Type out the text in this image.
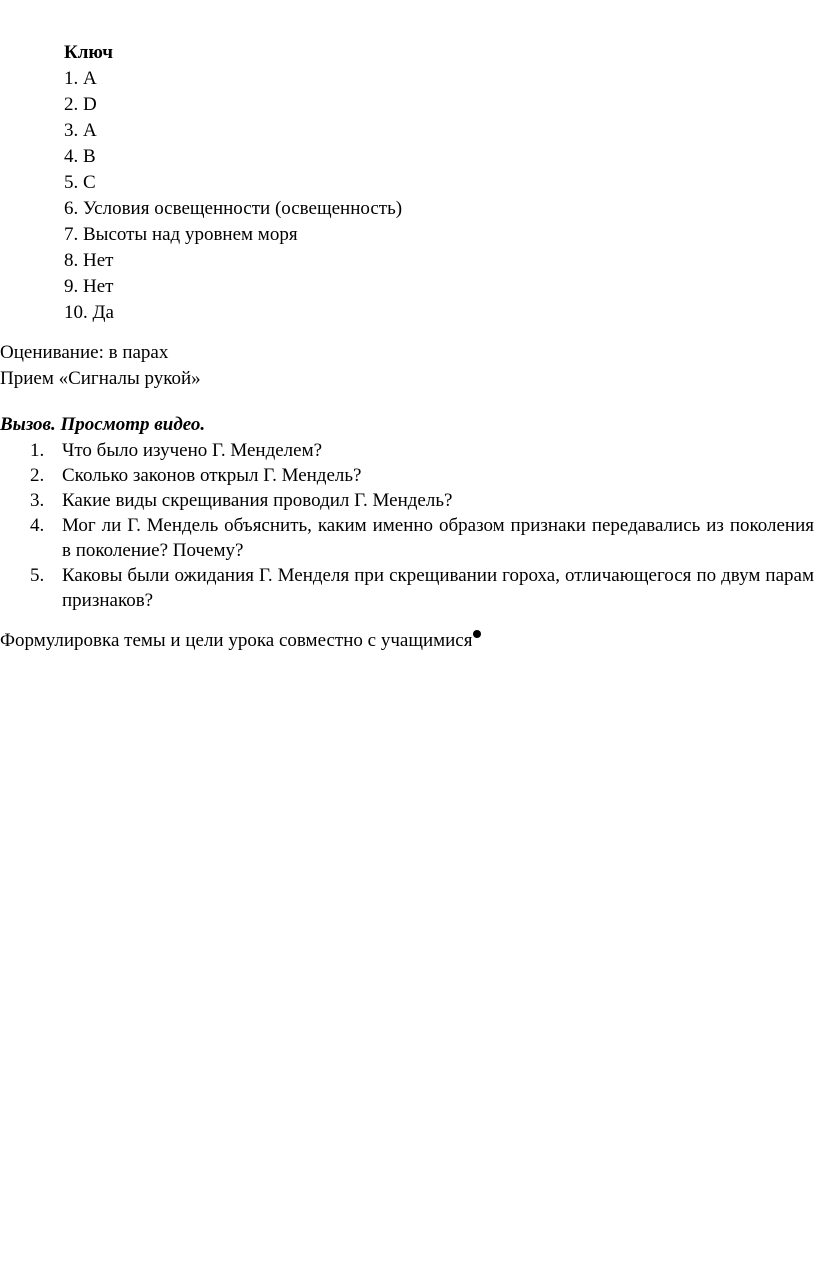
Ключ
1. А
2. D
3. А
4. В
5. С
6. Условия освещенности (освещенность)
7. Высоты над уровнем моря
8. Нет
9. Нет
10. Да
Оценивание: в парах
Прием «Сигналы рукой»
Вызов. Просмотр видео.
1. Что было изучено Г. Менделем?
2. Сколько законов открыл Г. Мендель?
3. Какие виды скрещивания проводил Г. Мендель?
4. Мог ли Г. Мендель объяснить, каким именно образом признаки передавались из поколения в поколение? Почему?
5. Каковы были ожидания Г. Менделя при скрещивании гороха, отличающегося по двум парам признаков?
Формулировка темы и цели урока совместно с учащимися
